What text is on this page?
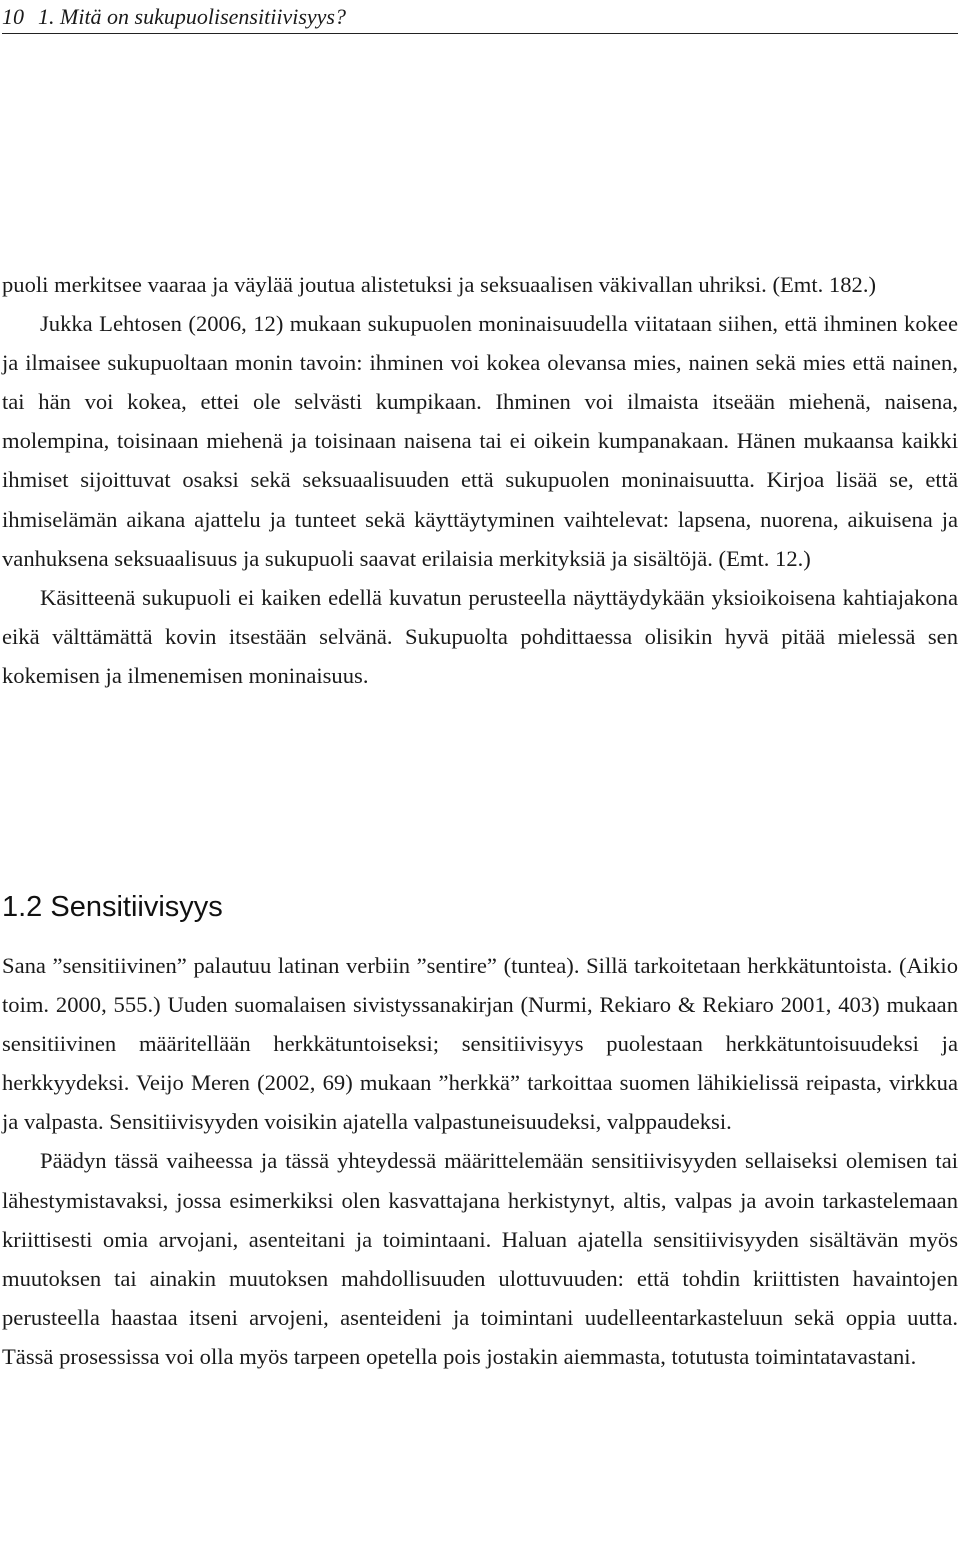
10 1. Mitä on sukupuolisensitiivisyys?

puoli merkitsee vaaraa ja väylää joutua alistetuksi ja seksuaalisen väkivallan uhriksi. (Emt. 182.)

Jukka Lehtosen (2006, 12) mukaan sukupuolen moninaisuudella viitataan siihen, että ihminen kokee ja ilmaisee sukupuoltaan monin tavoin: ihminen voi kokea olevansa mies, nainen sekä mies että nainen, tai hän voi kokea, ettei ole selvästi kumpikaan. Ihminen voi ilmaista itseään miehenä, naisena, molempina, toisinaan miehenä ja toisinaan naisena tai ei oikein kumpanakaan. Hänen mukaansa kaikki ihmiset sijoittuvat osaksi sekä seksuaalisuuden että sukupuolen moninaisuutta. Kirjoa lisää se, että ihmiselämän aikana ajattelu ja tunteet sekä käyttäytyminen vaihtelevat: lapsena, nuorena, aikuisena ja vanhuksena seksuaalisuus ja sukupuoli saavat erilaisia merkityksiä ja sisältöjä. (Emt. 12.)

Käsitteenä sukupuoli ei kaiken edellä kuvatun perusteella näyttäydykään yksioikoisena kahtiajakona eikä välttämättä kovin itsestään selvänä. Sukupuolta pohdittaessa olisikin hyvä pitää mielessä sen kokemisen ja ilmenemisen moninaisuus.

1.2 Sensitiivisyys

Sana ”sensitiivinen” palautuu latinan verbiin ”sentire” (tuntea). Sillä tarkoitetaan herkkätuntoista. (Aikio toim. 2000, 555.) Uuden suomalaisen sivistyssanakirjan (Nurmi, Rekiaro & Rekiaro 2001, 403) mukaan sensitiivinen määritellään herkkätuntoiseksi; sensitiivisyys puolestaan herkkätuntoisuudeksi ja herkkyydeksi. Veijo Meren (2002, 69) mukaan ”herkkä” tarkoittaa suomen lähikielissä reipasta, virkkua ja valpasta. Sensitiivisyyden voisikin ajatella valpastuneisuudeksi, valppaudeksi.

Päädyn tässä vaiheessa ja tässä yhteydessä määrittelemään sensitiivisyyden sellaiseksi olemisen tai lähestymistavaksi, jossa esimerkiksi olen kasvattajana herkistynyt, altis, valpas ja avoin tarkastelemaan kriittisesti omia arvojani, asenteitani ja toimintaani. Haluan ajatella sensitiivisyyden sisältävän myös muutoksen tai ainakin muutoksen mahdollisuuden ulottuvuuden: että tohdin kriittisten havaintojen perusteella haastaa itseni arvojeni, asenteideni ja toimintani uudelleentarkasteluun sekä oppia uutta. Tässä prosessissa voi olla myös tarpeen opetella pois jostakin aiemmasta, totutusta toimintatavastani.
